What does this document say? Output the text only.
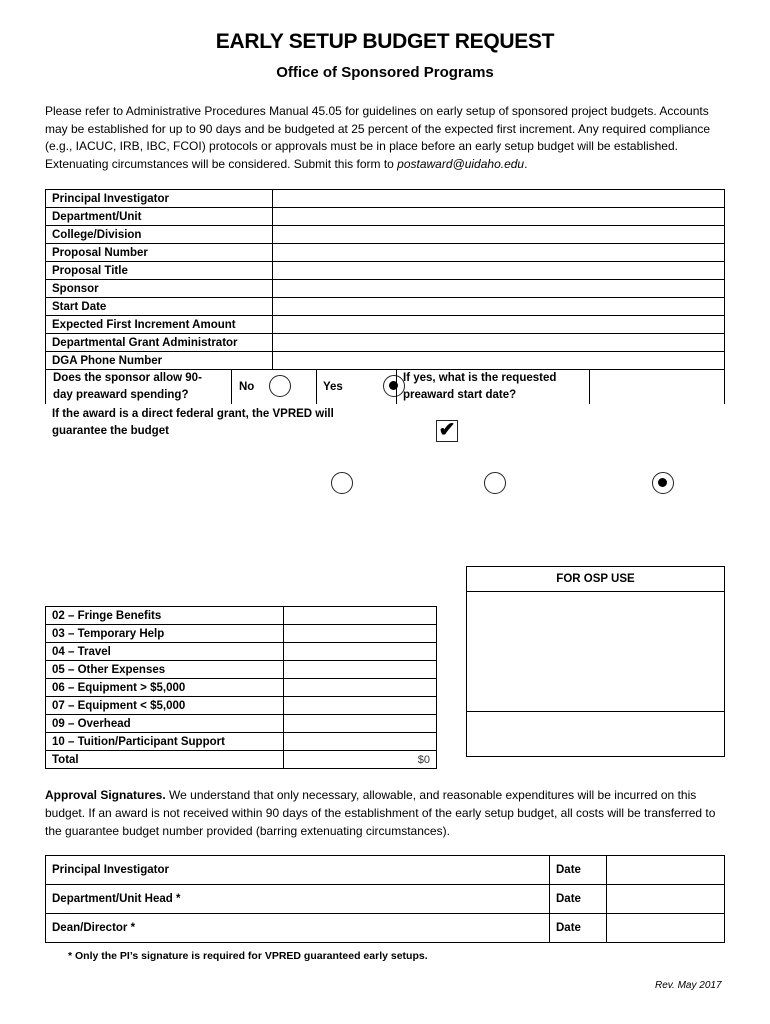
EARLY SETUP BUDGET REQUEST
Office of Sponsored Programs
Please refer to Administrative Procedures Manual 45.05 for guidelines on early setup of sponsored project budgets. Accounts may be established for up to 90 days and be budgeted at 25 percent of the expected first increment. Any required compliance (e.g., IACUC, IRB, IBC, FCOI) protocols or approvals must be in place before an early setup budget will be established. Extenuating circumstances will be considered. Submit this form to postaward@uidaho.edu.
Principal Investigator	
Department/Unit	
College/Division	
Proposal Number	
Proposal Title	
Sponsor	
Start Date	
Expected First Increment Amount	
Departmental Grant Administrator	
DGA Phone Number	
Does the sponsor allow 90-day preaward spending?
No
	Yes
If yes, what is the requested preaward start date?
If the award is a direct federal grant, the VPRED will guarantee the budget	✔

FOR OSP USE
02 – Fringe Benefits	
03 – Temporary Help	
04 – Travel	
05 – Other Expenses	
06 – Equipment > $5,000	
07 – Equipment < $5,000	
09 – Overhead	
10 – Tuition/Participant Support	
Total	$0
Approval Signatures. We understand that only necessary, allowable, and reasonable expenditures will be incurred on this budget. If an award is not received within 90 days of the establishment of the early setup budget, all costs will be transferred to the guarantee budget number provided (barring extenuating circumstances).
Principal Investigator	Date	
Department/Unit Head *	Date	
Dean/Director *	Date	
* Only the PI’s signature is required for VPRED guaranteed early setups.
Rev. May 2017
